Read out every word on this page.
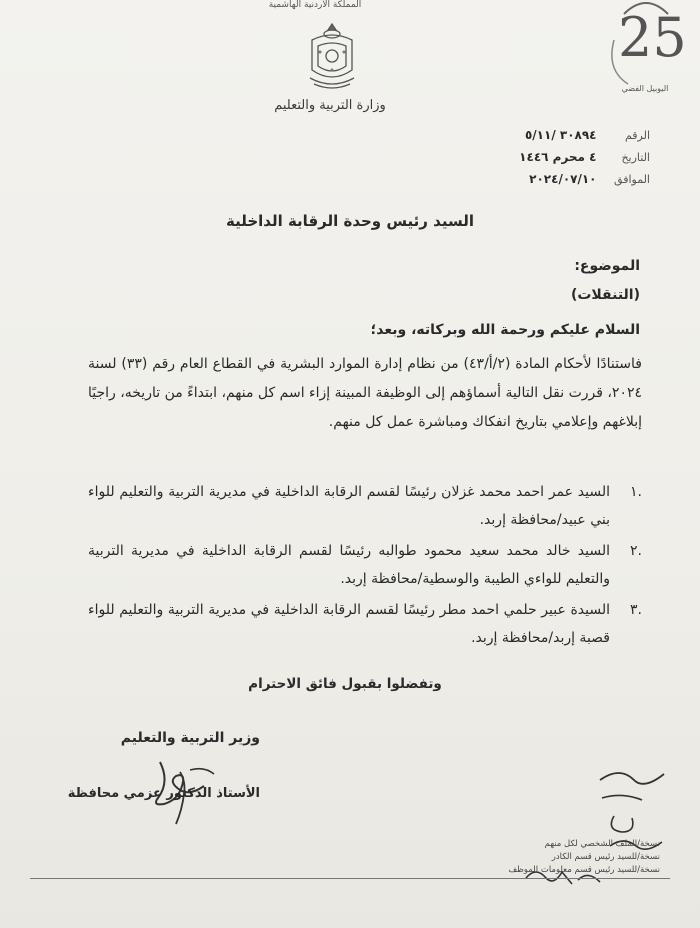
المملكة الأردنية الهاشمية
وزارة التربية والتعليم
25
اليوبيل الفضي
الرقم ٣٠٨٩٤ /٥/١١
التاريخ ٤ محرم ١٤٤٦
الموافق ٢٠٢٤/٠٧/١٠
السيد رئيس وحدة الرقابة الداخلية
الموضوع:
(التنقلات)
السلام عليكم ورحمة الله وبركاته، وبعد؛
فاستنادًا لأحكام المادة (٢/أ/٤٣) من نظام إدارة الموارد البشرية في القطاع العام رقم (٣٣) لسنة ٢٠٢٤، قررت نقل التالية أسماؤهم إلى الوظيفة المبينة إزاء اسم كل منهم، ابتداءً من تاريخه، راجيًا إبلاغهم وإعلامي بتاريخ انفكاك ومباشرة عمل كل منهم.
.١
السيد عمر احمد محمد غزلان رئيسًا لقسم الرقابة الداخلية في مديرية التربية والتعليم للواء بني عبيد/محافظة إربد.
.٢
السيد خالد محمد سعيد محمود طوالبه رئيسًا لقسم الرقابة الداخلية في مديرية التربية والتعليم للواءي الطيبة والوسطية/محافظة إربد.
.٣
السيدة عبير حلمي احمد مطر رئيسًا لقسم الرقابة الداخلية في مديرية التربية والتعليم للواء قصبة إربد/محافظة إربد.
وتفضلوا بقبول فائق الاحترام
وزير التربية والتعليم
الأستاذ الدكتور عزمي محافظة
نسخة/الملف الشخصي لكل منهم
نسخة/للسيد رئيس قسم الكادر
نسخة/للسيد رئيس قسم معلومات الموظف
